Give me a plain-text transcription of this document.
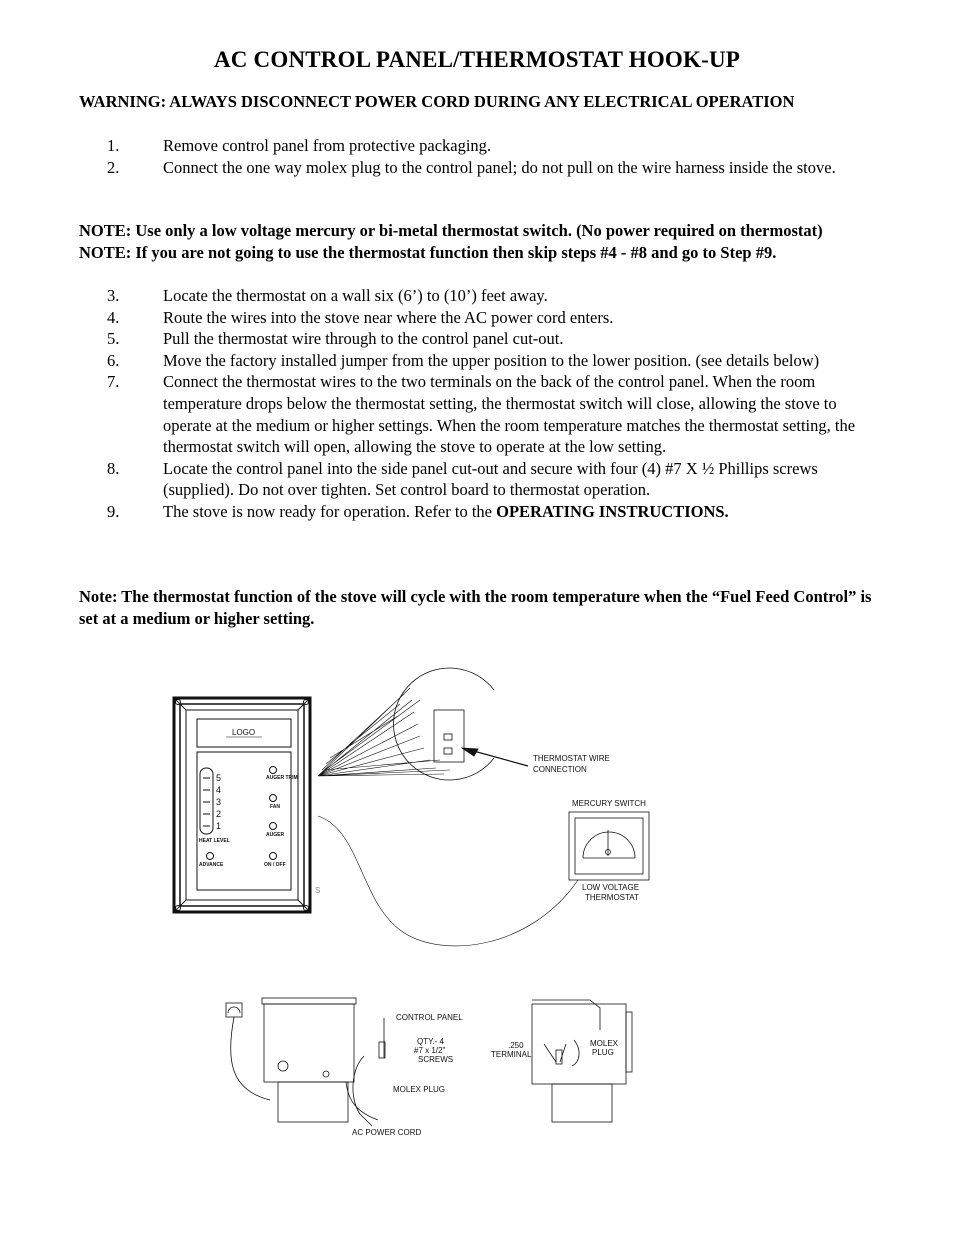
AC CONTROL PANEL/THERMOSTAT HOOK-UP
WARNING: ALWAYS DISCONNECT POWER CORD DURING ANY ELECTRICAL OPERATION
1.	Remove control panel from protective packaging.
2.	Connect the one way molex plug to the control panel; do not pull on the wire harness inside the stove.
NOTE: Use only a low voltage mercury or bi-metal thermostat switch. (No power required on thermostat)
NOTE: If you are not going to use the thermostat function then skip steps #4 - #8 and go to Step #9.
3.	Locate the thermostat on a wall six (6’) to (10’) feet away.
4.	Route the wires into the stove near where the AC power cord enters.
5.	Pull the thermostat wire through to the control panel cut-out.
6.	Move the factory installed jumper from the upper position to the lower position. (see details below)
7.	Connect the thermostat wires to the two terminals on the back of the control panel. When the room temperature drops below the thermostat setting, the thermostat switch will close, allowing the stove to operate at the medium or higher settings. When the room temperature matches the thermostat setting, the thermostat switch will open, allowing the stove to operate at the low setting.
8.	Locate the control panel into the side panel cut-out and secure with four (4) #7 X ½ Phillips screws (supplied). Do not over tighten. Set control board to thermostat operation.
9.	The stove is now ready for operation. Refer to the OPERATING INSTRUCTIONS.
Note: The thermostat function of the stove will cycle with the room temperature when the “Fuel Feed Control” is set at a medium or higher setting.
LOGO
5
4
3
2
1
AUGER TRIM
FAN
AUGER
ON / OFF
HEAT LEVEL
ADVANCE
S
THERMOSTAT WIRE
CONNECTION
MERCURY SWITCH
LOW VOLTAGE
THERMOSTAT
CONTROL PANEL
QTY.- 4
#7 x 1/2"
SCREWS
MOLEX PLUG
AC POWER CORD
.250
TERMINAL
MOLEX
PLUG
